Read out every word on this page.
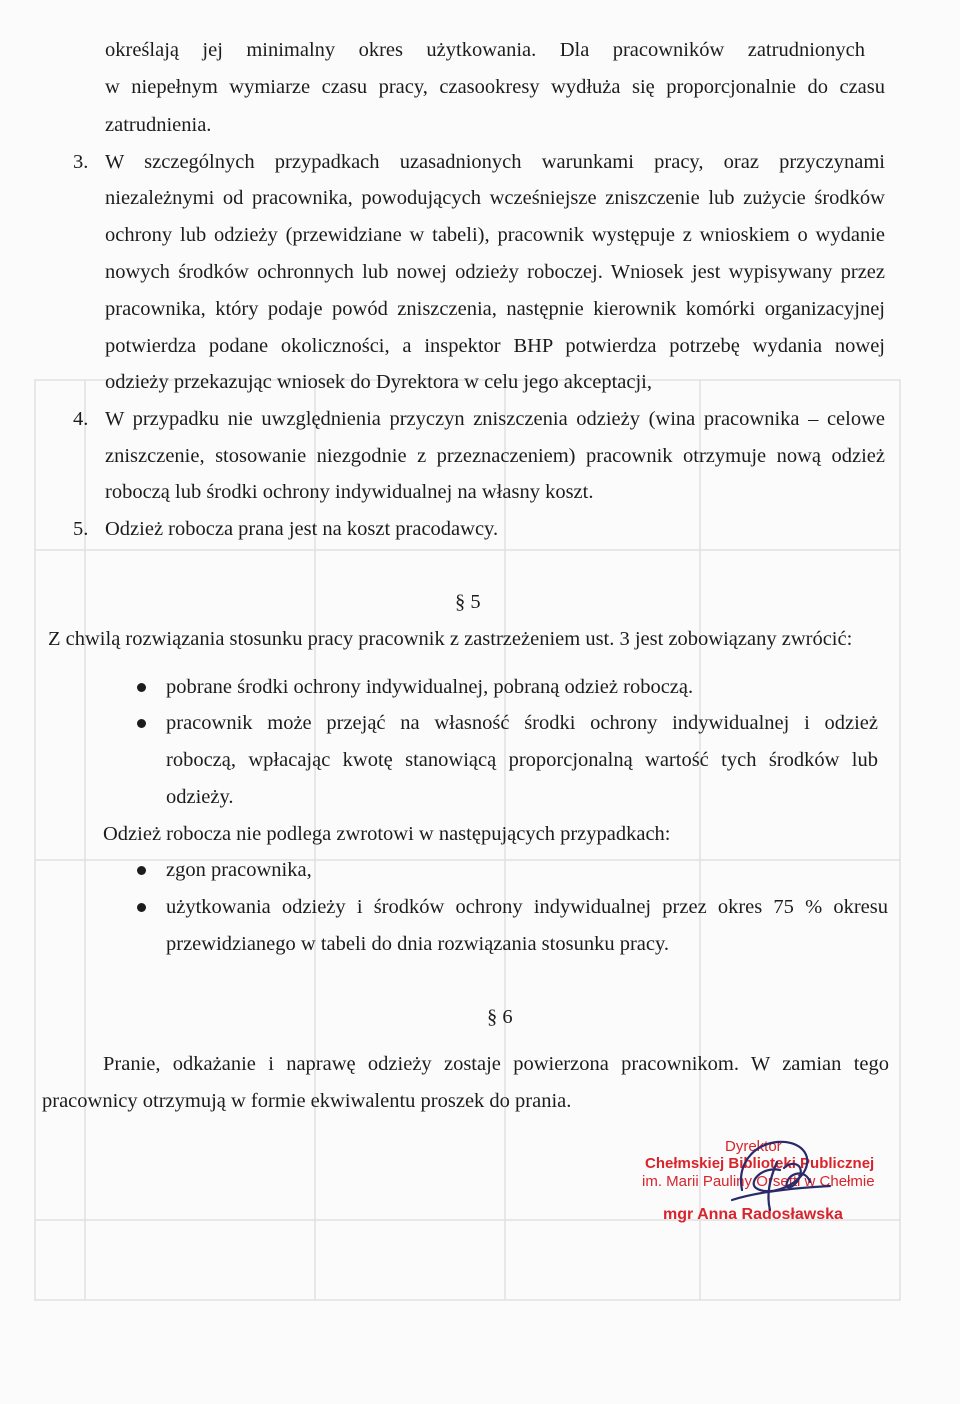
określają jej minimalny okres użytkowania. Dla pracowników zatrudnionych
w niepełnym wymiarze czasu pracy, czasookresy wydłuża się proporcjonalnie do czasu
zatrudnienia.
3. W szczególnych przypadkach uzasadnionych warunkami pracy, oraz przyczynami
niezależnymi od pracownika, powodujących wcześniejsze zniszczenie lub zużycie środków
ochrony lub odzieży (przewidziane w tabeli), pracownik występuje z wnioskiem o wydanie
nowych środków ochronnych lub nowej odzieży roboczej. Wniosek jest wypisywany przez
pracownika, który podaje powód zniszczenia, następnie kierownik komórki organizacyjnej
potwierdza podane okoliczności, a inspektor BHP potwierdza potrzebę wydania nowej
odzieży przekazując wniosek do Dyrektora w celu jego akceptacji,
4. W przypadku nie uwzględnienia przyczyn zniszczenia odzieży (wina pracownika – celowe
zniszczenie, stosowanie niezgodnie z przeznaczeniem) pracownik otrzymuje nową odzież
roboczą lub środki ochrony indywidualnej na własny koszt.
5. Odzież robocza prana jest na koszt pracodawcy.
§ 5
Z chwilą rozwiązania stosunku pracy pracownik z zastrzeżeniem ust. 3 jest zobowiązany zwrócić:
pobrane środki ochrony indywidualnej, pobraną odzież roboczą.
pracownik może przejąć na własność środki ochrony indywidualnej i odzież
roboczą, wpłacając kwotę stanowiącą proporcjonalną wartość tych środków lub
odzieży.
Odzież robocza nie podlega zwrotowi w następujących przypadkach:
zgon pracownika,
użytkowania odzieży i środków ochrony indywidualnej przez okres 75 % okresu
przewidzianego w tabeli do dnia rozwiązania stosunku pracy.
§ 6
Pranie, odkażanie i naprawę odzieży zostaje powierzona pracownikom. W zamian tego
pracownicy otrzymują w formie ekwiwalentu proszek do prania.
Dyrektor
Chełmskiej Biblioteki Publicznej
im. Marii Pauliny Orsetti w Chełmie
mgr Anna Radosławska
